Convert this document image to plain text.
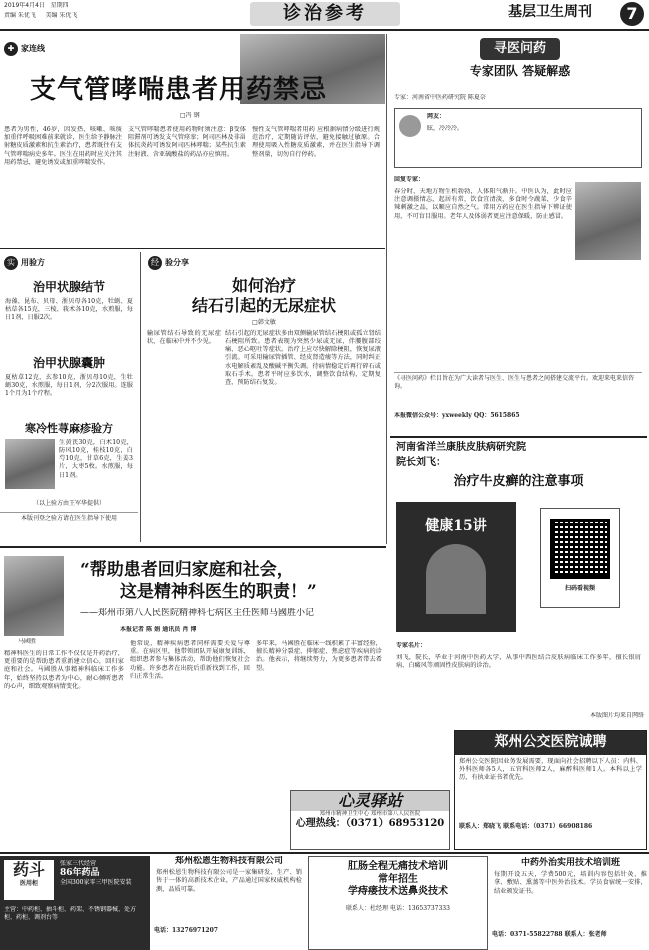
2019年4月4日 星期四
责编 朱优飞 美编 朱优飞	诊治参考	基层卫生周刊	7
✚ 家连线
支气管哮喘患者用药禁忌
□冯 钢
患者为男性，46岁，因发热、咳嗽、咳痰加重伴呼吸困难前来就诊，医生给予静脉注射糖皮质激素和抗生素治疗，患者既往有支气管哮喘病史多年。医生在用药时应关注其用药禁忌，避免诱发或加重哮喘发作。
支气管哮喘患者使用药物时须注意：β受体阻滞剂可诱发支气管痉挛；阿司匹林及非甾体抗炎药可诱发阿司匹林哮喘；某些抗生素注射液、含亚硫酸盐的药品亦应慎用。
慢性支气管哮喘者用药 应根据病情分级进行规范治疗，定期随访评估，避免接触过敏原。合理使用吸入性糖皮质激素，并在医生指导下调整剂量，切勿自行停药。
实 用验方
治甲状腺结节
海藻、昆布、贝母、浙贝母各10克，牡蛎、夏枯草各15克，三棱、莪术各10克，水煎服，每日1剂，日服2次。
治甲状腺囊肿
夏枯草12克，玄参10克，浙贝母10克，生牡蛎30克，水煎服，每日1剂，分2次服用。连服1个月为1个疗程。
寒冷性荨麻疹验方
生黄芪30克，白术10克，防风10克，桂枝10克，白芍10克，甘草6克，生姜3片，大枣5枚。水煎服，每日1剂。
（以上验方由王军华提供）
本版刊登之验方请在医生指导下使用
经 验分享
如何治疗
结石引起的无尿症状
□韩文敏
输尿管结石导致的无尿症状，在临床中并不少见。
结石引起的无尿症状多由双侧输尿管结石梗阻或孤立肾结石梗阻所致。患者表现为突然少尿或无尿，伴腰腹部绞痛、恶心呕吐等症状。治疗上应尽快解除梗阻，恢复尿液引流。可采用输尿管插管、经皮肾造瘘等方法，同时纠正水电解质紊乱及酸碱平衡失调。待病情稳定后再行碎石或取石手术。患者平时应多饮水，调整饮食结构，定期复查，预防结石复发。
寻医问药
专家团队 答疑解惑
专家：河南省中医药研究院 陈夏奈
网友：
眩，冷冷冷。
回复专家：
春分时，天地万物生机勃勃，人体阳气渐升。中医认为，此时应注意调摄情志，起居有常，饮食宜清淡，多食时令蔬菜，少食辛辣刺激之品，以顺应自然之气。常用方药应在医生指导下辨证使用，不可盲目服用。老年人及体弱者更应注意保暖，防止感冒。
《寻医问药》栏目旨在为广大读者与医生、医生与患者之间搭建交流平台。欢迎来电来信咨询。
本报微信公众号：yxweekly QQ：5615865
河南省洋兰康肤皮肤病研究院
院长刘飞：
治疗牛皮癣的注意事项
健康15讲
扫码看视频
专家名片：
刘飞，院长，毕业于河南中医药大学，从事中西医结合皮肤病临床工作多年，擅长银屑病、白癜风等顽固性皮肤病的诊治。
马國胜
“帮助患者回归家庭和社会，
这是精神科医生的职责！”
——郑州市第八人民医院精神科七病区主任医师马國胜小记
本报记者 陈 娟 通讯员 肖 博
精神科医生的日常工作不仅仅是开药治疗，更重要的是帮助患者重新建立信心，回归家庭和社会。马國胜从事精神科临床工作多年，始终坚持以患者为中心，耐心倾听患者的心声，细致观察病情变化。
他常说，精神疾病患者同样需要关爱与尊重。在病区里，他带领团队开展康复训练，组织患者参与集体活动，帮助他们恢复社会功能。许多患者在出院后重新找到工作，回归正常生活。
多年来，马國胜在临床一线积累了丰富经验，擅长精神分裂症、抑郁症、焦虑症等疾病的诊治。他表示，将继续努力，为更多患者带去希望。
心灵驿站
郑州市精神卫生中心 郑州市第八人民医院
心理热线：（0371）68953120
郑州公交医院诚聘
郑州公交医院因业务发展需要，现面向社会招聘以下人员：内科、外科医师各5人，五官科医师2人，麻醉科医师1人。本科以上学历，有执业证书者优先。
联系人：郑晓飞 联系电话：（0371）66908186
本版图片均来自网络
药斗
医用柜
张家三代经营
86年药品
全国300家零三甲医院安装
主营：中药柜、抽斗柜、药架、不锈钢器械、处方柜、药柜、调剂台等
郑州松恩生物科技有限公司
郑州松恩生物科技有限公司是一家集研发、生产、销售于一体的高新技术企业，产品通过国家权威机构检测，品质可靠。
电话：13276971207
肛肠全程无痛技术培训
常年招生
学痔瘘技术送鼻炎技术
联系人：杜经理 电话：13653737333
中药外治实用技术培训班
每期开设五天，学费500元，培训内容包括针灸、推拿、敷贴、熏蒸等中医外治技术。学员食宿统一安排，结业颁发证书。
电话：0371-55822788 联系人：张老师
